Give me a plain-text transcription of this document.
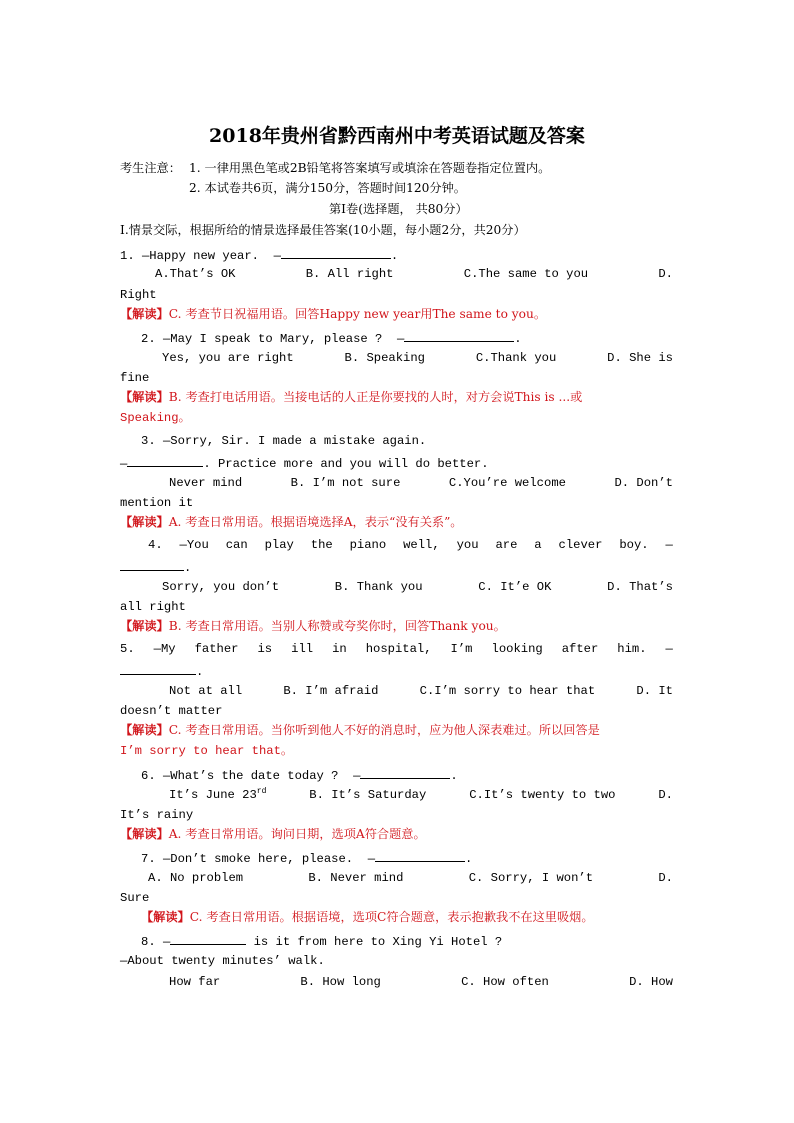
2018年贵州省黔西南州中考英语试题及答案
考生注意： 1. 一律用黑色笔或2B铅笔将答案填写或填涂在答题卷指定位置内。
2. 本试卷共6页，满分150分，答题时间120分钟。
第Ⅰ卷(选择题， 共80分）
Ⅰ.情景交际，根据所给的情景选择最佳答案(10小题，每小题2分，共20分）
1. —Happy new year.  —	.
A.That’s OK	B. All right	C.The same to you	D.
Right
【解读】C. 考查节日祝福用语。回答Happy new year用The same to you。
2. —May I speak to Mary, please ?  —	.
Yes, you are right	B. Speaking	C.Thank you	D. She is
fine
【解读】B. 考查打电话用语。当接电话的人正是你要找的人时，对方会说This is ...或
Speaking。
3. —Sorry, Sir. I made a mistake again.
—	. Practice more and you will do better.
Never mind	B. I’m not sure	C.You’re welcome	D. Don’t
mention it
【解读】A. 考查日常用语。根据语境选择A，表示“没有关系”。
4. —You can play the piano well, you are a clever boy. —
.
Sorry, you don’t	B. Thank you	C. It’e OK	D. That’s
all right
【解读】B. 考查日常用语。当别人称赞或夸奖你时，回答Thank you。
5. —My father is ill in hospital, I’m looking after him. —
.
Not at all	B. I’m afraid	C.I’m sorry to hear that	D. It
doesn’t matter
【解读】C. 考查日常用语。当你听到他人不好的消息时，应为他人深表难过。所以回答是
I’m sorry to hear that。
6. —What’s the date today ?  —	.
It’s June 23rd	B. It’s Saturday	C.It’s twenty to two	D.
It’s rainy
【解读】A. 考查日常用语。询问日期，选项A符合题意。
7. —Don’t smoke here, please.  —	.
A. No problem	B. Never mind	C. Sorry, I won’t	D.
Sure
【解读】C. 考查日常用语。根据语境，选项C符合题意，表示抱歉我不在这里吸烟。
8. —	is it from here to Xing Yi Hotel ?
—About twenty minutes’ walk.
How far	B. How long	C. How often	D. How
